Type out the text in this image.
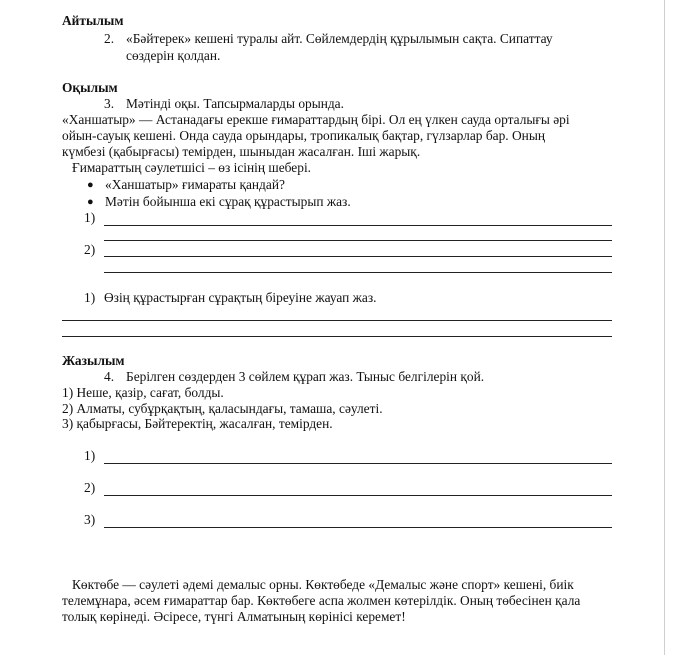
Айтылым
2. «Бәйтерек» кешені туралы айт. Сөйлемдердің құрылымын сақта. Сипаттау
сөздерін қолдан.
Оқылым
3. Мәтінді оқы. Тапсырмаларды орында.
«Ханшатыр» — Астанадағы ерекше ғимараттардың бірі. Ол ең үлкен сауда орталығы әрі
ойын-сауық кешені. Онда сауда орындары, тропикалық бақтар, гүлзарлар бар. Оның
күмбезі (қабырғасы) темірден, шыныдан жасалған. Іші жарық.
Ғимараттың сәулетшісі – өз ісінің шебері.
● «Ханшатыр» ғимараты қандай?
● Мәтін бойынша екі сұрақ құрастырып жаз.
1)
2)
1) Өзің құрастырған сұрақтың біреуіне жауап жаз.
Жазылым
4. Берілген сөздерден 3 сөйлем құрап жаз. Тыныс белгілерін қой.
1) Неше, қазір, сағат, болды.
2) Алматы, субұрқақтың, қаласындағы, тамаша, сәулеті.
3) қабырғасы, Бәйтеректің, жасалған, темірден.
1)
2)
3)
Көктөбе — сәулеті әдемі демалыс орны. Көктөбеде «Демалыс және спорт» кешені, биік
телемұнара, әсем ғимараттар бар. Көктөбеге аспа жолмен көтерілдік. Оның төбесінен қала
толық көрінеді. Әсіресе, түнгі Алматының көрінісі керемет!
